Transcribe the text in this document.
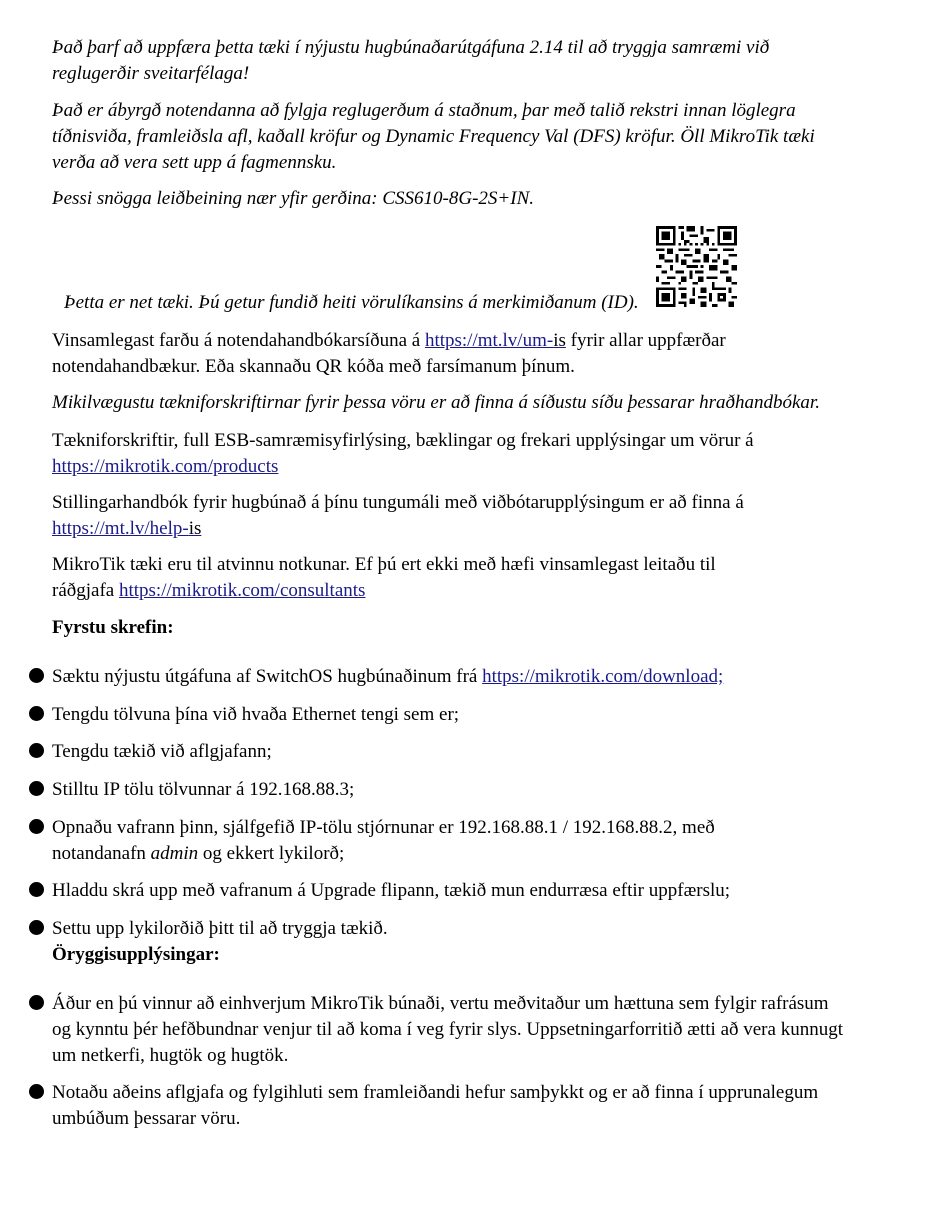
Það þarf að uppfæra þetta tæki í nýjustu hugbúnaðarútgáfuna 2.14 til að tryggja samræmi við reglugerðir sveitarfélaga!

Það er ábyrgð notendanna að fylgja reglugerðum á staðnum, þar með talið rekstri innan löglegra tíðnisviða, framleiðsla afl, kaðall kröfur og Dynamic Frequency Val (DFS) kröfur. Öll MikroTik tæki verða að vera sett upp á fagmennsku.

Þessi snögga leiðbeining nær yfir gerðina: CSS610-8G-2S+IN.

Þetta er net tæki. Þú getur fundið heiti vörulíkansins á merkimiðanum (ID).

Vinsamlegast farðu á notendahandbókarsíðuna á https://mt.lv/um-is fyrir allar uppfærðar notendahandbækur. Eða skannaðu QR kóða með farsímanum þínum.

Mikilvægustu tækniforskriftirnar fyrir þessa vöru er að finna á síðustu síðu þessarar hraðhandbókar.

Tækniforskriftir, full ESB-samræmisyfirlýsing, bæklingar og frekari upplýsingar um vörur á https://mikrotik.com/products

Stillingarhandbók fyrir hugbúnað á þínu tungumáli með viðbótarupplýsingum er að finna á https://mt.lv/help-is

MikroTik tæki eru til atvinnu notkunar. Ef þú ert ekki með hæfi vinsamlegast leitaðu til ráðgjafa https://mikrotik.com/consultants

Fyrstu skrefin:

Sæktu nýjustu útgáfuna af SwitchOS hugbúnaðinum frá https://mikrotik.com/download;

Tengdu tölvuna þína við hvaða Ethernet tengi sem er;

Tengdu tækið við aflgjafann;

Stilltu IP tölu tölvunnar á 192.168.88.3;

Opnaðu vafrann þinn, sjálfgefið IP-tölu stjórnunar er 192.168.88.1 / 192.168.88.2, með notandanafn admin og ekkert lykilorð;

Hladdu skrá upp með vafranum á Upgrade flipann, tækið mun endurræsa eftir uppfærslu;

Settu upp lykilorðið þitt til að tryggja tækið.

Öryggisupplýsingar:

Áður en þú vinnur að einhverjum MikroTik búnaði, vertu meðvitaður um hættuna sem fylgir rafrásum og kynntu þér hefðbundnar venjur til að koma í veg fyrir slys. Uppsetningarforritið ætti að vera kunnugt um netkerfi, hugtök og hugtök.

Notaðu aðeins aflgjafa og fylgihluti sem framleiðandi hefur samþykkt og er að finna í upprunalegum umbúðum þessarar vöru.
